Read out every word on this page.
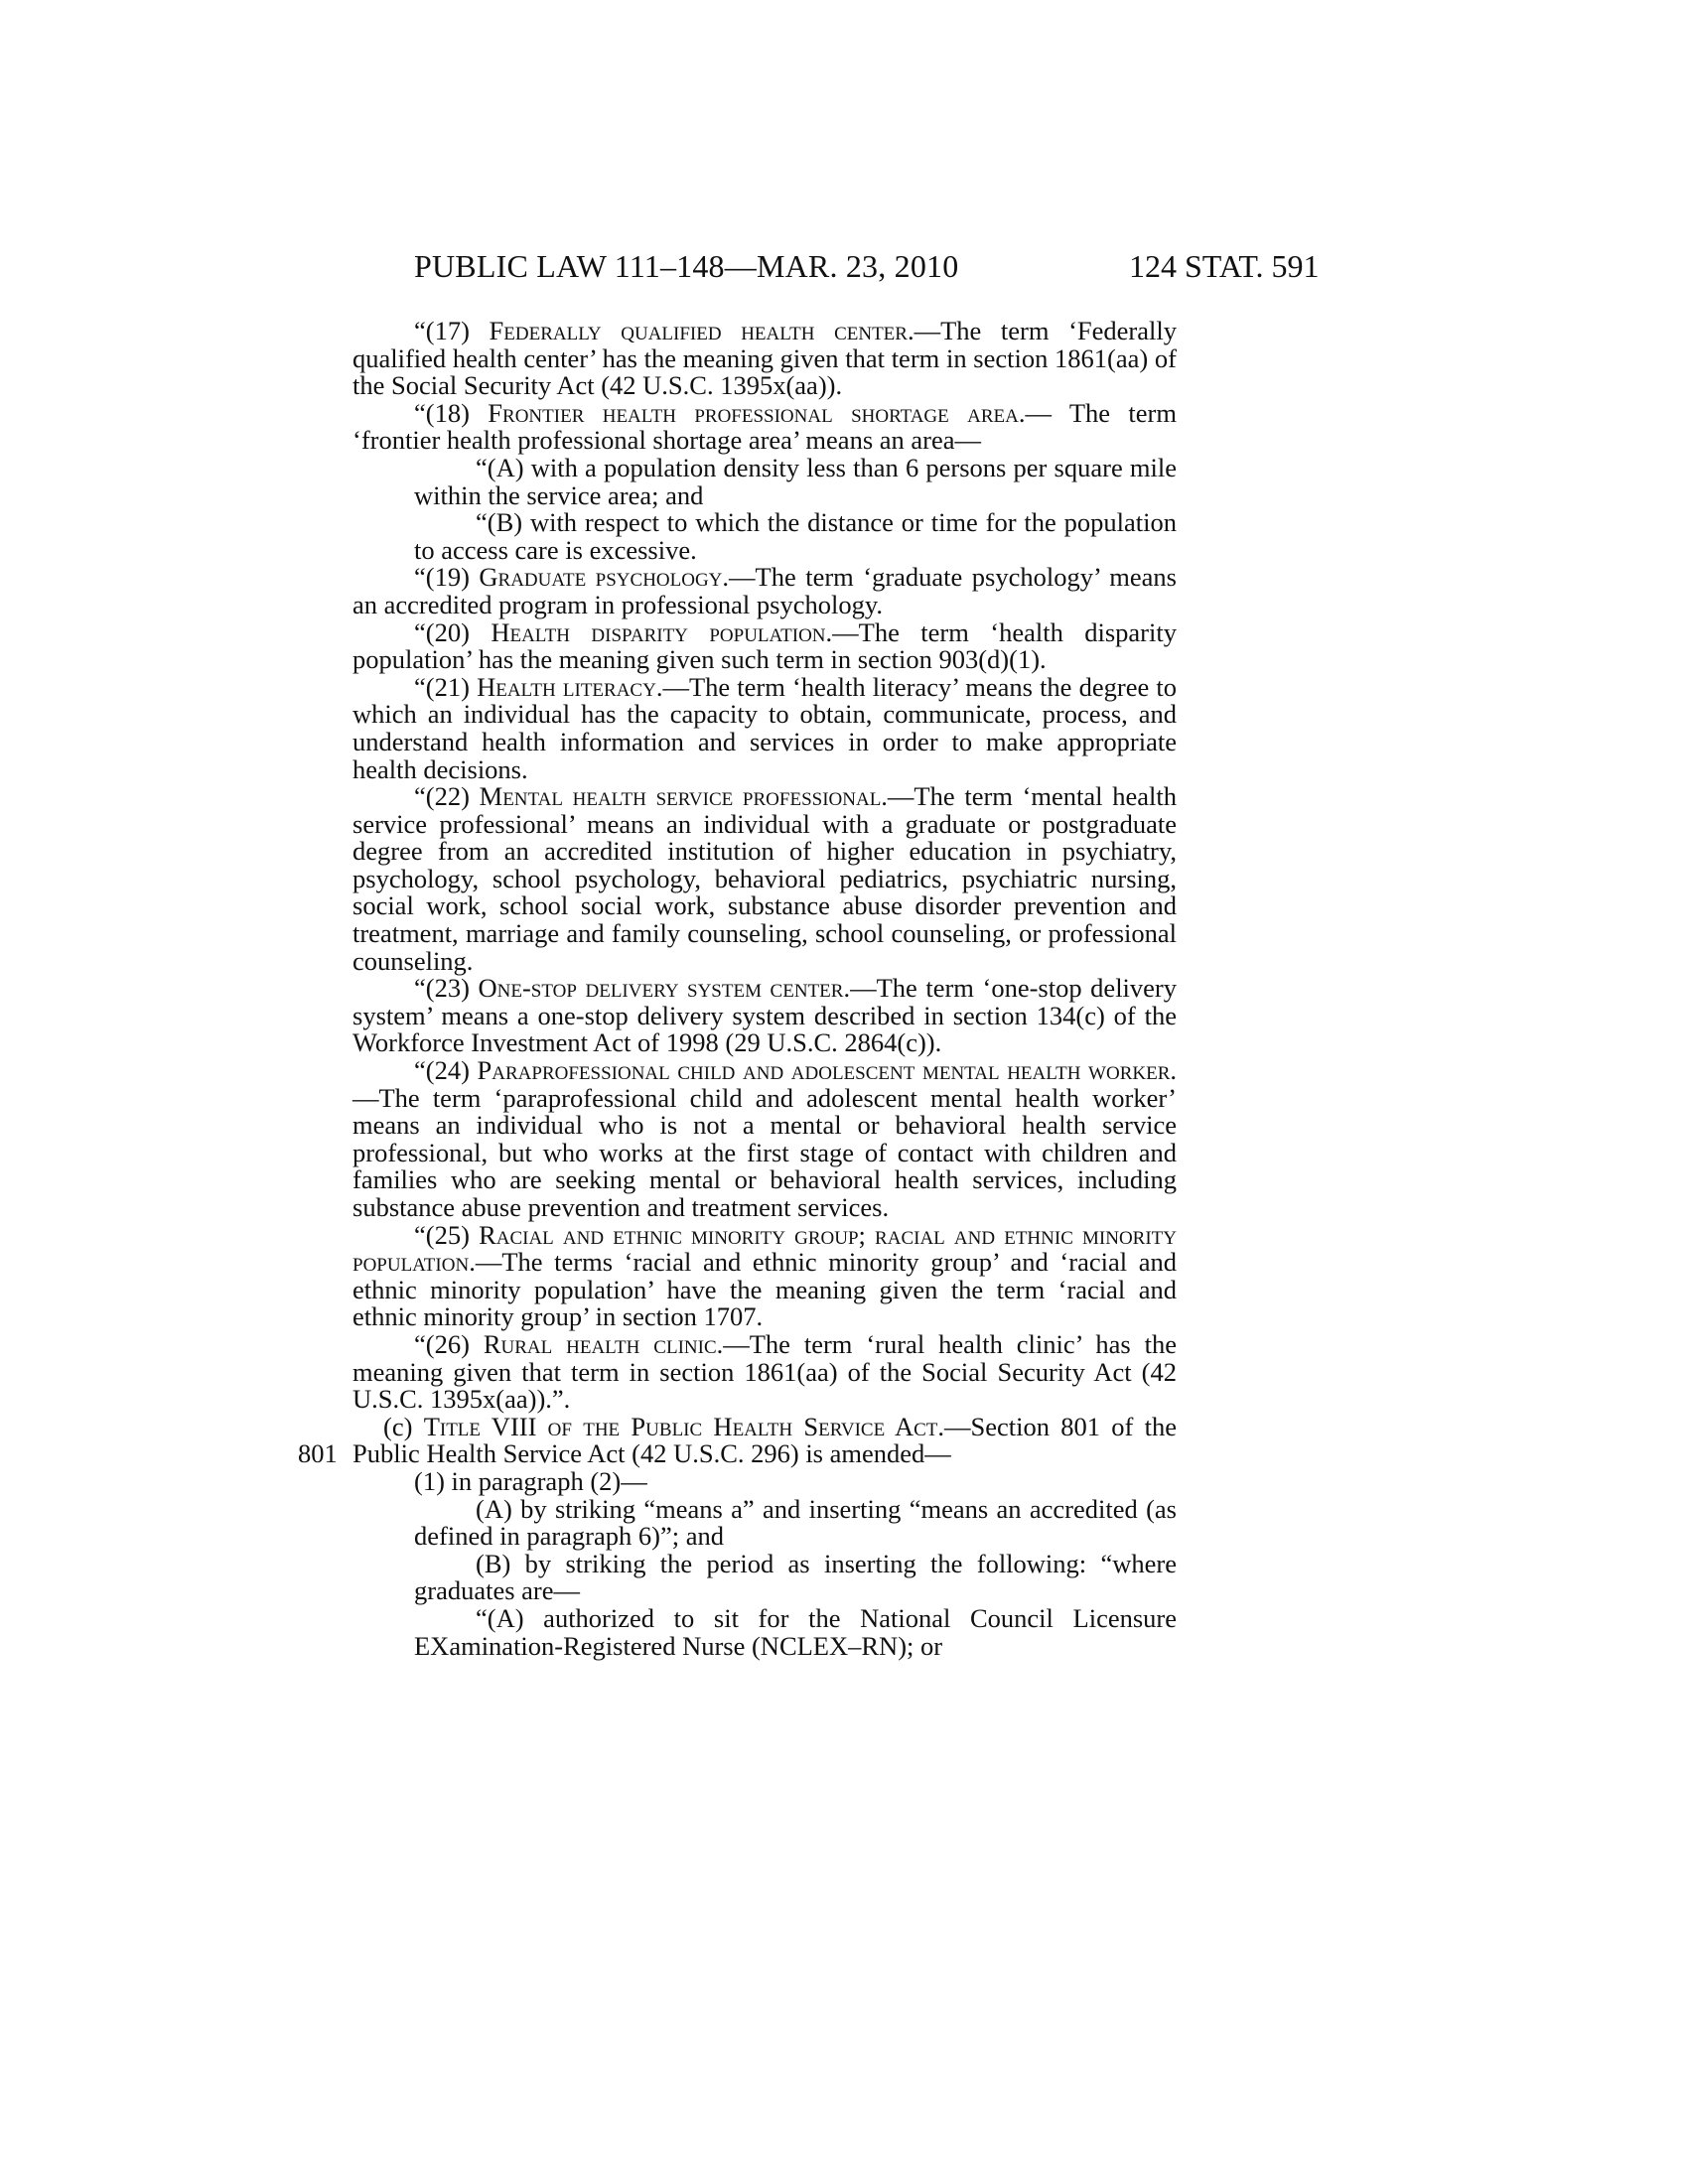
PUBLIC LAW 111–148—MAR. 23, 2010	124 STAT. 591

“(17) Federally qualified health center.—The term ‘Federally qualified health center’ has the meaning given that term in section 1861(aa) of the Social Security Act (42 U.S.C. 1395x(aa)).

“(18) Frontier health professional shortage area.— The term ‘frontier health professional shortage area’ means an area—

“(A) with a population density less than 6 persons per square mile within the service area; and

“(B) with respect to which the distance or time for the population to access care is excessive.

“(19) Graduate psychology.—The term ‘graduate psychology’ means an accredited program in professional psychology.

“(20) Health disparity population.—The term ‘health disparity population’ has the meaning given such term in section 903(d)(1).

“(21) Health literacy.—The term ‘health literacy’ means the degree to which an individual has the capacity to obtain, communicate, process, and understand health information and services in order to make appropriate health decisions.

“(22) Mental health service professional.—The term ‘mental health service professional’ means an individual with a graduate or postgraduate degree from an accredited institution of higher education in psychiatry, psychology, school psychology, behavioral pediatrics, psychiatric nursing, social work, school social work, substance abuse disorder prevention and treatment, marriage and family counseling, school counseling, or professional counseling.

“(23) One-stop delivery system center.—The term ‘one-stop delivery system’ means a one-stop delivery system described in section 134(c) of the Workforce Investment Act of 1998 (29 U.S.C. 2864(c)).

“(24) Paraprofessional child and adolescent mental health worker.—The term ‘paraprofessional child and adolescent mental health worker’ means an individual who is not a mental or behavioral health service professional, but who works at the first stage of contact with children and families who are seeking mental or behavioral health services, including substance abuse prevention and treatment services.

“(25) Racial and ethnic minority group; racial and ethnic minority population.—The terms ‘racial and ethnic minority group’ and ‘racial and ethnic minority population’ have the meaning given the term ‘racial and ethnic minority group’ in section 1707.

“(26) Rural health clinic.—The term ‘rural health clinic’ has the meaning given that term in section 1861(aa) of the Social Security Act (42 U.S.C. 1395x(aa)).”.

801

(c) Title VIII of the Public Health Service Act.—Section 801 of the Public Health Service Act (42 U.S.C. 296) is amended—

(1) in paragraph (2)—

(A) by striking “means a” and inserting “means an accredited (as defined in paragraph 6)”; and

(B) by striking the period as inserting the following: “where graduates are—

“(A) authorized to sit for the National Council Licensure EXamination-Registered Nurse (NCLEX–RN); or
